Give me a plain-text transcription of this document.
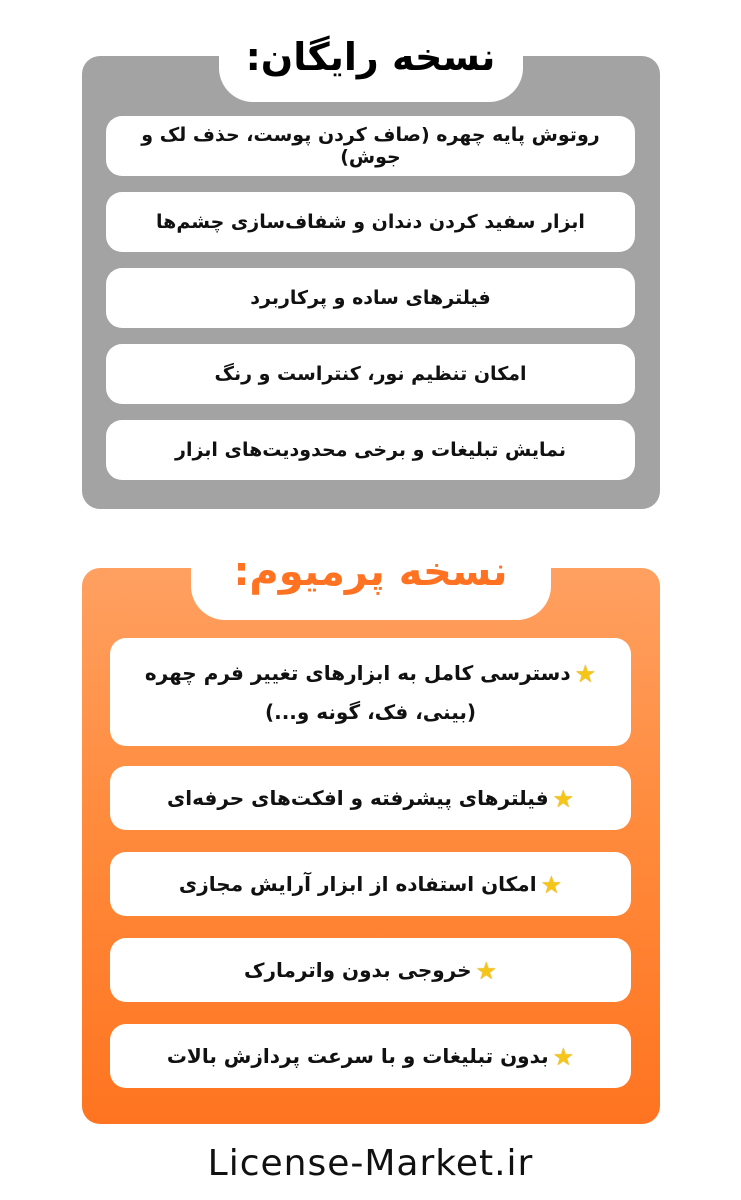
نسخه رایگان:
روتوش پایه چهره (صاف کردن پوست، حذف لک و جوش)
ابزار سفید کردن دندان و شفاف‌سازی چشم‌ها
فیلترهای ساده و پرکاربرد
امکان تنظیم نور، کنتراست و رنگ
نمایش تبلیغات و برخی محدودیت‌های ابزار
نسخه پرمیوم:
★دسترسی کامل به ابزارهای تغییر فرم چهره (بینی، فک، گونه و...)
★فیلترهای پیشرفته و افکت‌های حرفه‌ای
★امکان استفاده از ابزار آرایش مجازی
★خروجی بدون واترمارک
★بدون تبلیغات و با سرعت پردازش بالات
License-Market.ir
